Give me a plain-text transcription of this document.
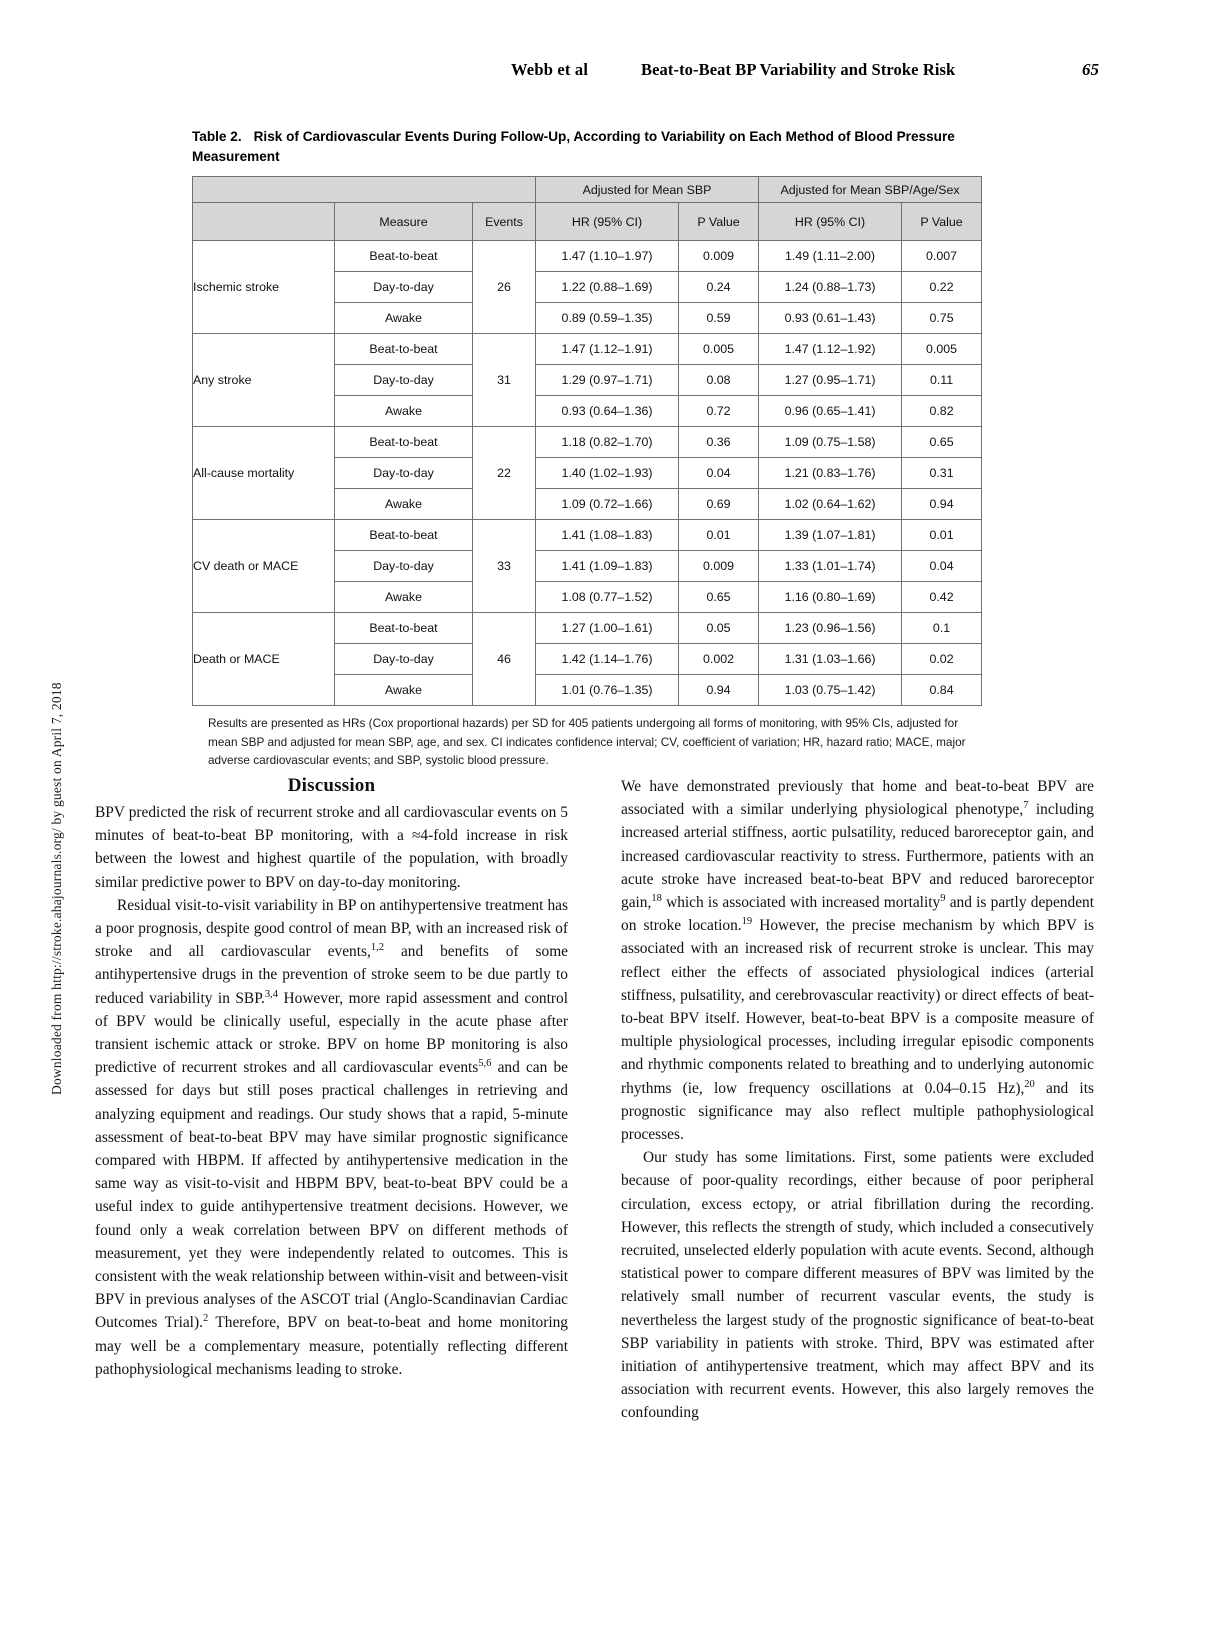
Webb et al	Beat-to-Beat BP Variability and Stroke Risk	65
Downloaded from http://stroke.ahajournals.org/ by guest on April 7, 2018
Table 2. Risk of Cardiovascular Events During Follow-Up, According to Variability on Each Method of Blood Pressure Measurement
			Adjusted for Mean SBP		Adjusted for Mean SBP/Age/Sex	
	Measure	Events	HR (95% CI)	P Value	HR (95% CI)	P Value
Ischemic stroke	Beat-to-beat	26	1.47 (1.10–1.97)	0.009	1.49 (1.11–2.00)	0.007
	Day-to-day		1.22 (0.88–1.69)	0.24	1.24 (0.88–1.73)	0.22
	Awake		0.89 (0.59–1.35)	0.59	0.93 (0.61–1.43)	0.75
Any stroke	Beat-to-beat	31	1.47 (1.12–1.91)	0.005	1.47 (1.12–1.92)	0.005
	Day-to-day		1.29 (0.97–1.71)	0.08	1.27 (0.95–1.71)	0.11
	Awake		0.93 (0.64–1.36)	0.72	0.96 (0.65–1.41)	0.82
All-cause mortality	Beat-to-beat	22	1.18 (0.82–1.70)	0.36	1.09 (0.75–1.58)	0.65
	Day-to-day		1.40 (1.02–1.93)	0.04	1.21 (0.83–1.76)	0.31
	Awake		1.09 (0.72–1.66)	0.69	1.02 (0.64–1.62)	0.94
CV death or MACE	Beat-to-beat	33	1.41 (1.08–1.83)	0.01	1.39 (1.07–1.81)	0.01
	Day-to-day		1.41 (1.09–1.83)	0.009	1.33 (1.01–1.74)	0.04
	Awake		1.08 (0.77–1.52)	0.65	1.16 (0.80–1.69)	0.42
Death or MACE	Beat-to-beat	46	1.27 (1.00–1.61)	0.05	1.23 (0.96–1.56)	0.1
	Day-to-day		1.42 (1.14–1.76)	0.002	1.31 (1.03–1.66)	0.02
	Awake		1.01 (0.76–1.35)	0.94	1.03 (0.75–1.42)	0.84
Results are presented as HRs (Cox proportional hazards) per SD for 405 patients undergoing all forms of monitoring, with 95% CIs, adjusted for mean SBP and adjusted for mean SBP, age, and sex. CI indicates confidence interval; CV, coefficient of variation; HR, hazard ratio; MACE, major adverse cardiovascular events; and SBP, systolic blood pressure.
Discussion

BPV predicted the risk of recurrent stroke and all cardiovascular events on 5 minutes of beat-to-beat BP monitoring, with a ≈4-fold increase in risk between the lowest and highest quartile of the population, with broadly similar predictive power to BPV on day-to-day monitoring.

Residual visit-to-visit variability in BP on antihypertensive treatment has a poor prognosis, despite good control of mean BP, with an increased risk of stroke and all cardiovascular events,$^{1,2}$ and benefits of some antihypertensive drugs in the prevention of stroke seem to be due partly to reduced variability in SBP.$^{3,4}$ However, more rapid assessment and control of BPV would be clinically useful, especially in the acute phase after transient ischemic attack or stroke. BPV on home BP monitoring is also predictive of recurrent strokes and all cardiovascular events$^{5,6}$ and can be assessed for days but still poses practical challenges in retrieving and analyzing equipment and readings. Our study shows that a rapid, 5-minute assessment of beat-to-beat BPV may have similar prognostic significance compared with HBPM. If affected by antihypertensive medication in the same way as visit-to-visit and HBPM BPV, beat-to-beat BPV could be a useful index to guide antihypertensive treatment decisions. However, we found only a weak correlation between BPV on different methods of measurement, yet they were independently related to outcomes. This is consistent with the weak relationship between within-visit and between-visit BPV in previous analyses of the ASCOT trial (Anglo-Scandinavian Cardiac Outcomes Trial).$^2$ Therefore, BPV on beat-to-beat and home monitoring may well be a complementary measure, potentially reflecting different pathophysiological mechanisms leading to stroke.

We have demonstrated previously that home and beat-to-beat BPV are associated with a similar underlying physiological phenotype,$^7$ including increased arterial stiffness, aortic pulsatility, reduced baroreceptor gain, and increased cardiovascular reactivity to stress. Furthermore, patients with an acute stroke have increased beat-to-beat BPV and reduced baroreceptor gain,$^{18}$ which is associated with increased mortality$^9$ and is partly dependent on stroke location.$^{19}$ However, the precise mechanism by which BPV is associated with an increased risk of recurrent stroke is unclear. This may reflect either the effects of associated physiological indices (arterial stiffness, pulsatility, and cerebrovascular reactivity) or direct effects of beat-to-beat BPV itself. However, beat-to-beat BPV is a composite measure of multiple physiological processes, including irregular episodic components and rhythmic components related to breathing and to underlying autonomic rhythms (ie, low frequency oscillations at 0.04–0.15 Hz),$^{20}$ and its prognostic significance may also reflect multiple pathophysiological processes.

Our study has some limitations. First, some patients were excluded because of poor-quality recordings, either because of poor peripheral circulation, excess ectopy, or atrial fibrillation during the recording. However, this reflects the strength of study, which included a consecutively recruited, unselected elderly population with acute events. Second, although statistical power to compare different measures of BPV was limited by the relatively small number of recurrent vascular events, the study is nevertheless the largest study of the prognostic significance of beat-to-beat SBP variability in patients with stroke. Third, BPV was estimated after initiation of antihypertensive treatment, which may affect BPV and its association with recurrent events. However, this also largely removes the confounding
